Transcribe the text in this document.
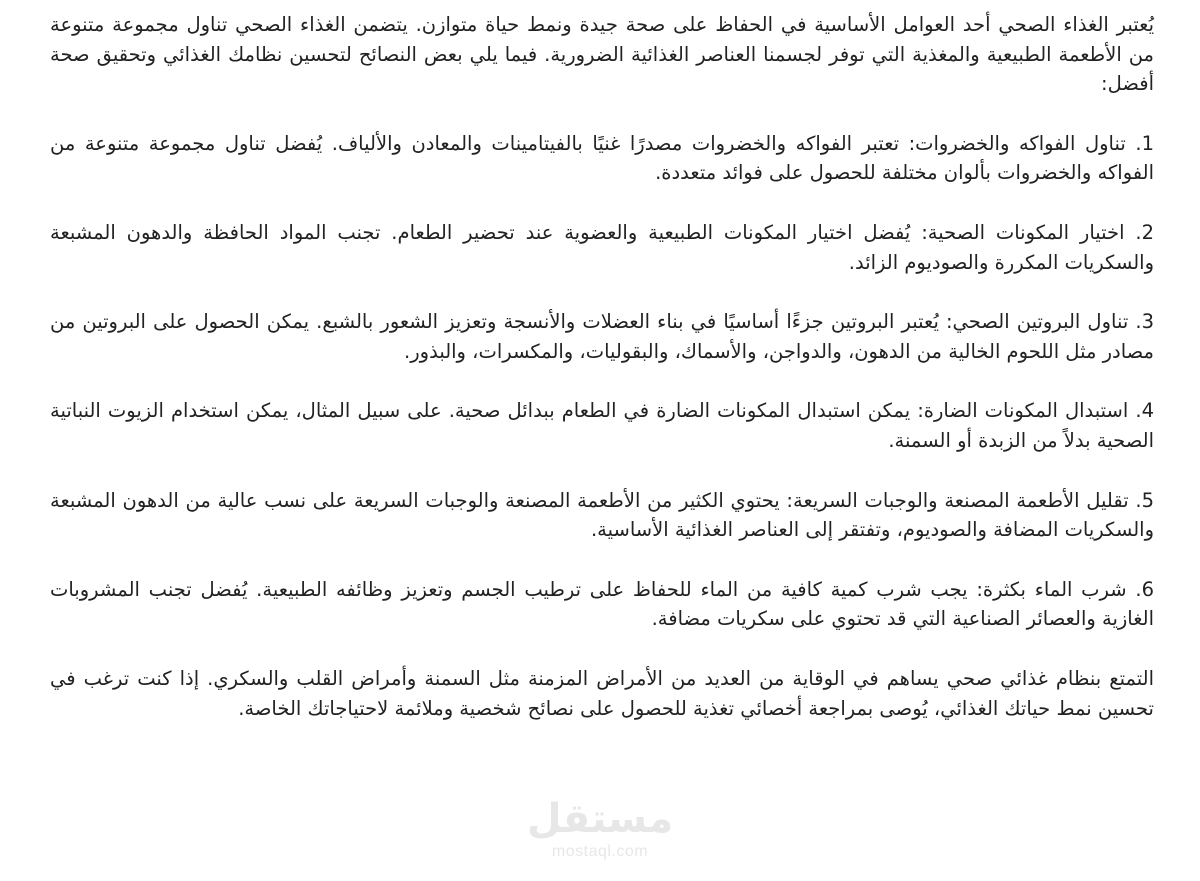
يُعتبر الغذاء الصحي أحد العوامل الأساسية في الحفاظ على صحة جيدة ونمط حياة متوازن. يتضمن الغذاء الصحي تناول مجموعة متنوعة من الأطعمة الطبيعية والمغذية التي توفر لجسمنا العناصر الغذائية الضرورية. فيما يلي بعض النصائح لتحسين نظامك الغذائي وتحقيق صحة أفضل:

1. تناول الفواكه والخضروات: تعتبر الفواكه والخضروات مصدرًا غنيًا بالفيتامينات والمعادن والألياف. يُفضل تناول مجموعة متنوعة من الفواكه والخضروات بألوان مختلفة للحصول على فوائد متعددة.

2. اختيار المكونات الصحية: يُفضل اختيار المكونات الطبيعية والعضوية عند تحضير الطعام. تجنب المواد الحافظة والدهون المشبعة والسكريات المكررة والصوديوم الزائد.

3. تناول البروتين الصحي: يُعتبر البروتين جزءًا أساسيًا في بناء العضلات والأنسجة وتعزيز الشعور بالشبع. يمكن الحصول على البروتين من مصادر مثل اللحوم الخالية من الدهون، والدواجن، والأسماك، والبقوليات، والمكسرات، والبذور.

4. استبدال المكونات الضارة: يمكن استبدال المكونات الضارة في الطعام ببدائل صحية. على سبيل المثال، يمكن استخدام الزيوت النباتية الصحية بدلاً من الزبدة أو السمنة.

5. تقليل الأطعمة المصنعة والوجبات السريعة: يحتوي الكثير من الأطعمة المصنعة والوجبات السريعة على نسب عالية من الدهون المشبعة والسكريات المضافة والصوديوم، وتفتقر إلى العناصر الغذائية الأساسية.

6. شرب الماء بكثرة: يجب شرب كمية كافية من الماء للحفاظ على ترطيب الجسم وتعزيز وظائفه الطبيعية. يُفضل تجنب المشروبات الغازية والعصائر الصناعية التي قد تحتوي على سكريات مضافة.

التمتع بنظام غذائي صحي يساهم في الوقاية من العديد من الأمراض المزمنة مثل السمنة وأمراض القلب والسكري. إذا كنت ترغب في تحسين نمط حياتك الغذائي، يُوصى بمراجعة أخصائي تغذية للحصول على نصائح شخصية وملائمة لاحتياجاتك الخاصة.

مستقل
mostaql.com
